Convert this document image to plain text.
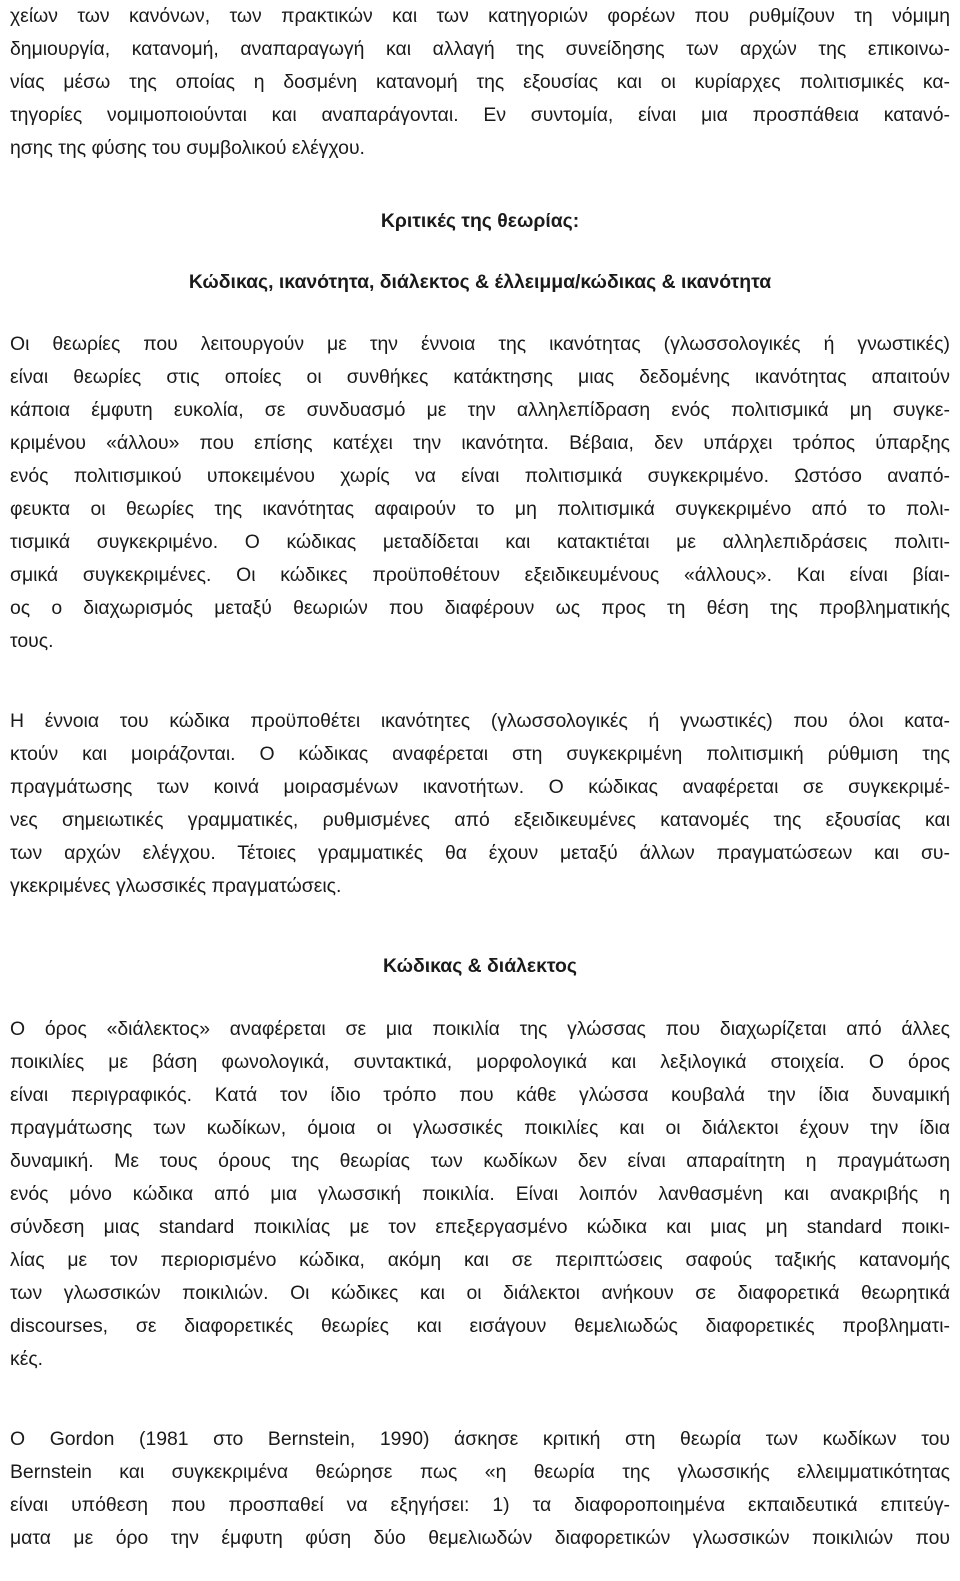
χείων των κανόνων, των πρακτικών και των κατηγοριών φορέων που ρυθμίζουν τη νόμιμη
δημιουργία, κατανομή, αναπαραγωγή και αλλαγή της συνείδησης των αρχών της επικοινω-
νίας μέσω της οποίας η δοσμένη κατανομή της εξουσίας και οι κυρίαρχες πολιτισμικές κα-
τηγορίες νομιμοποιούνται και αναπαράγονται. Εν συντομία, είναι μια προσπάθεια κατανό-
ησης της φύσης του συμβολικού ελέγχου.
Κριτικές της θεωρίας:
Κώδικας, ικανότητα, διάλεκτος & έλλειμμα/κώδικας & ικανότητα
Οι θεωρίες που λειτουργούν με την έννοια της ικανότητας (γλωσσολογικές ή γνωστικές)
είναι θεωρίες στις οποίες οι συνθήκες κατάκτησης μιας δεδομένης ικανότητας απαιτούν
κάποια έμφυτη ευκολία, σε συνδυασμό με την αλληλεπίδραση ενός πολιτισμικά μη συγκε-
κριμένου «άλλου» που επίσης κατέχει την ικανότητα. Βέβαια, δεν υπάρχει τρόπος ύπαρξης
ενός πολιτισμικού υποκειμένου χωρίς να είναι πολιτισμικά συγκεκριμένο. Ωστόσο αναπό-
φευκτα οι θεωρίες της ικανότητας αφαιρούν το μη πολιτισμικά συγκεκριμένο από το πολι-
τισμικά συγκεκριμένο. Ο κώδικας μεταδίδεται και κατακτιέται με αλληλεπιδράσεις πολιτι-
σμικά συγκεκριμένες. Οι κώδικες προϋποθέτουν εξειδικευμένους «άλλους». Και είναι βίαι-
ος ο διαχωρισμός μεταξύ θεωριών που διαφέρουν ως προς τη θέση της προβληματικής
τους.
Η έννοια του κώδικα προϋποθέτει ικανότητες (γλωσσολογικές ή γνωστικές) που όλοι κατα-
κτούν και μοιράζονται. Ο κώδικας αναφέρεται στη συγκεκριμένη πολιτισμική ρύθμιση της
πραγμάτωσης των κοινά μοιρασμένων ικανοτήτων. Ο κώδικας αναφέρεται σε συγκεκριμέ-
νες σημειωτικές γραμματικές, ρυθμισμένες από εξειδικευμένες κατανομές της εξουσίας και
των αρχών ελέγχου. Τέτοιες γραμματικές θα έχουν μεταξύ άλλων πραγματώσεων και συ-
γκεκριμένες γλωσσικές πραγματώσεις.
Κώδικας & διάλεκτος
Ο όρος «διάλεκτος» αναφέρεται σε μια ποικιλία της γλώσσας που διαχωρίζεται από άλλες
ποικιλίες με βάση φωνολογικά, συντακτικά, μορφολογικά και λεξιλογικά στοιχεία. Ο όρος
είναι περιγραφικός. Κατά τον ίδιο τρόπο που κάθε γλώσσα κουβαλά την ίδια δυναμική
πραγμάτωσης των κωδίκων, όμοια οι γλωσσικές ποικιλίες και οι διάλεκτοι έχουν την ίδια
δυναμική. Με τους όρους της θεωρίας των κωδίκων δεν είναι απαραίτητη η πραγμάτωση
ενός μόνο κώδικα από μια γλωσσική ποικιλία. Είναι λοιπόν λανθασμένη και ανακριβής η
σύνδεση μιας standard ποικιλίας με τον επεξεργασμένο κώδικα και μιας μη standard ποικι-
λίας με τον περιορισμένο κώδικα, ακόμη και σε περιπτώσεις σαφούς ταξικής κατανομής
των γλωσσικών ποικιλιών. Οι κώδικες και οι διάλεκτοι ανήκουν σε διαφορετικά θεωρητικά
discourses, σε διαφορετικές θεωρίες και εισάγουν θεμελιωδώς διαφορετικές προβληματι-
κές.
Ο Gordon (1981 στο Bernstein, 1990) άσκησε κριτική στη θεωρία των κωδίκων του
Bernstein και συγκεκριμένα θεώρησε πως «η θεωρία της γλωσσικής ελλειμματικότητας
είναι υπόθεση που προσπαθεί να εξηγήσει: 1) τα διαφοροποιημένα εκπαιδευτικά επιτεύγ-
ματα με όρο την έμφυτη φύση δύο θεμελιωδών διαφορετικών γλωσσικών ποικιλιών που
